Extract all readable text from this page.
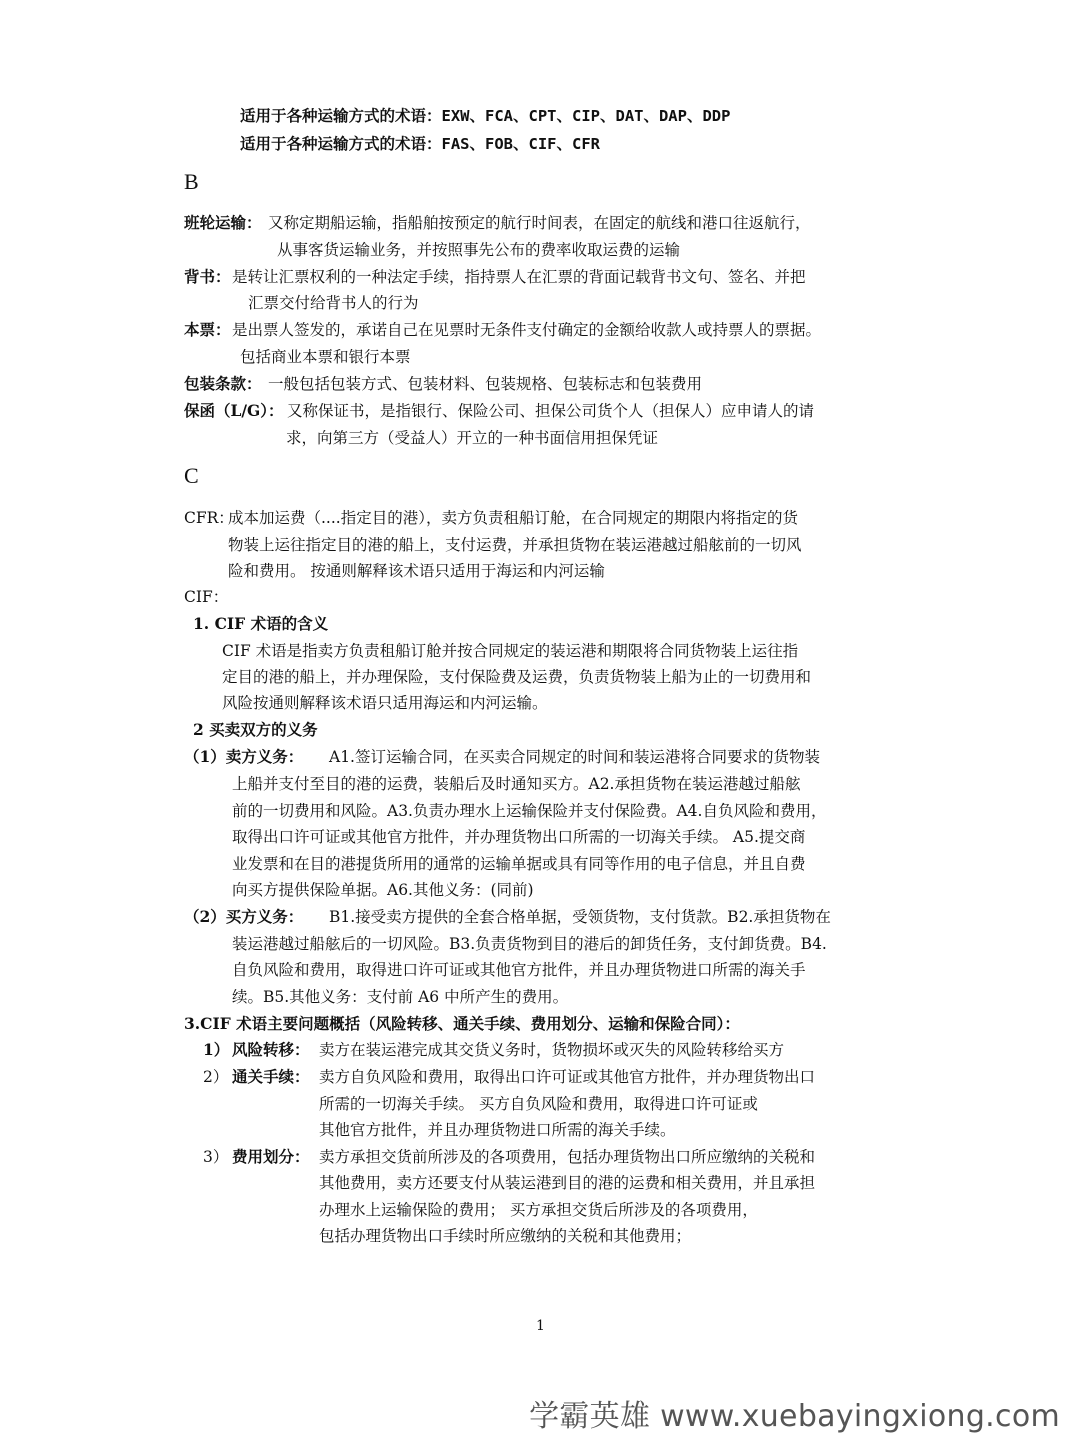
适用于各种运输方式的术语：EXW、FCA、CPT、CIP、DAT、DAP、DDP
适用于各种运输方式的术语：FAS、FOB、CIF、CFR
B
班轮运输： 又称定期船运输，指船舶按预定的航行时间表，在固定的航线和港口往返航行，
从事客货运输业务，并按照事先公布的费率收取运费的运输
背书： 是转让汇票权利的一种法定手续，指持票人在汇票的背面记载背书文句、签名、并把
汇票交付给背书人的行为
本票： 是出票人签发的，承诺自己在见票时无条件支付确定的金额给收款人或持票人的票据。
包括商业本票和银行本票
包装条款： 一般包括包装方式、包装材料、包装规格、包装标志和包装费用
保函（L/G）： 又称保证书，是指银行、保险公司、担保公司货个人（担保人）应申请人的请
求，向第三方（受益人）开立的一种书面信用担保凭证
C
CFR：
成本加运费（....指定目的港），卖方负责租船订舱，在合同规定的期限内将指定的货
物装上运往指定目的港的船上，支付运费，并承担货物在装运港越过船舷前的一切风
险和费用。 按通则解释该术语只适用于海运和内河运输
CIF：
1. CIF 术语的含义
CIF 术语是指卖方负责租船订舱并按合同规定的装运港和期限将合同货物装上运往指
定目的港的船上，并办理保险，支付保险费及运费，负责货物装上船为止的一切费用和
风险按通则解释该术语只适用海运和内河运输。
2 买卖双方的义务
（1）卖方义务： A1.签订运输合同，在买卖合同规定的时间和装运港将合同要求的货物装
上船并支付至目的港的运费，装船后及时通知买方。A2.承担货物在装运港越过船舷
前的一切费用和风险。A3.负责办理水上运输保险并支付保险费。A4.自负风险和费用，
取得出口许可证或其他官方批件，并办理货物出口所需的一切海关手续。 A5.提交商
业发票和在目的港提货所用的通常的运输单据或具有同等作用的电子信息，并且自费
向买方提供保险单据。A6.其他义务：(同前)
（2）买方义务： B1.接受卖方提供的全套合格单据，受领货物，支付货款。B2.承担货物在
装运港越过船舷后的一切风险。B3.负责货物到目的港后的卸货任务，支付卸货费。B4.
自负风险和费用，取得进口许可证或其他官方批件，并且办理货物进口所需的海关手
续。B5.其他义务：支付前 A6 中所产生的费用。
3.CIF 术语主要问题概括（风险转移、通关手续、费用划分、运输和保险合同）：
1） 风险转移： 卖方在装运港完成其交货义务时，货物损坏或灭失的风险转移给买方
2） 通关手续： 卖方自负风险和费用，取得出口许可证或其他官方批件，并办理货物出口
所需的一切海关手续。 买方自负风险和费用，取得进口许可证或
其他官方批件，并且办理货物进口所需的海关手续。
3） 费用划分： 卖方承担交货前所涉及的各项费用，包括办理货物出口所应缴纳的关税和
其他费用，卖方还要支付从装运港到目的港的运费和相关费用，并且承担
办理水上运输保险的费用； 买方承担交货后所涉及的各项费用，
包括办理货物出口手续时所应缴纳的关税和其他费用；
1
学霸英雄 www.xuebayingxiong.com
